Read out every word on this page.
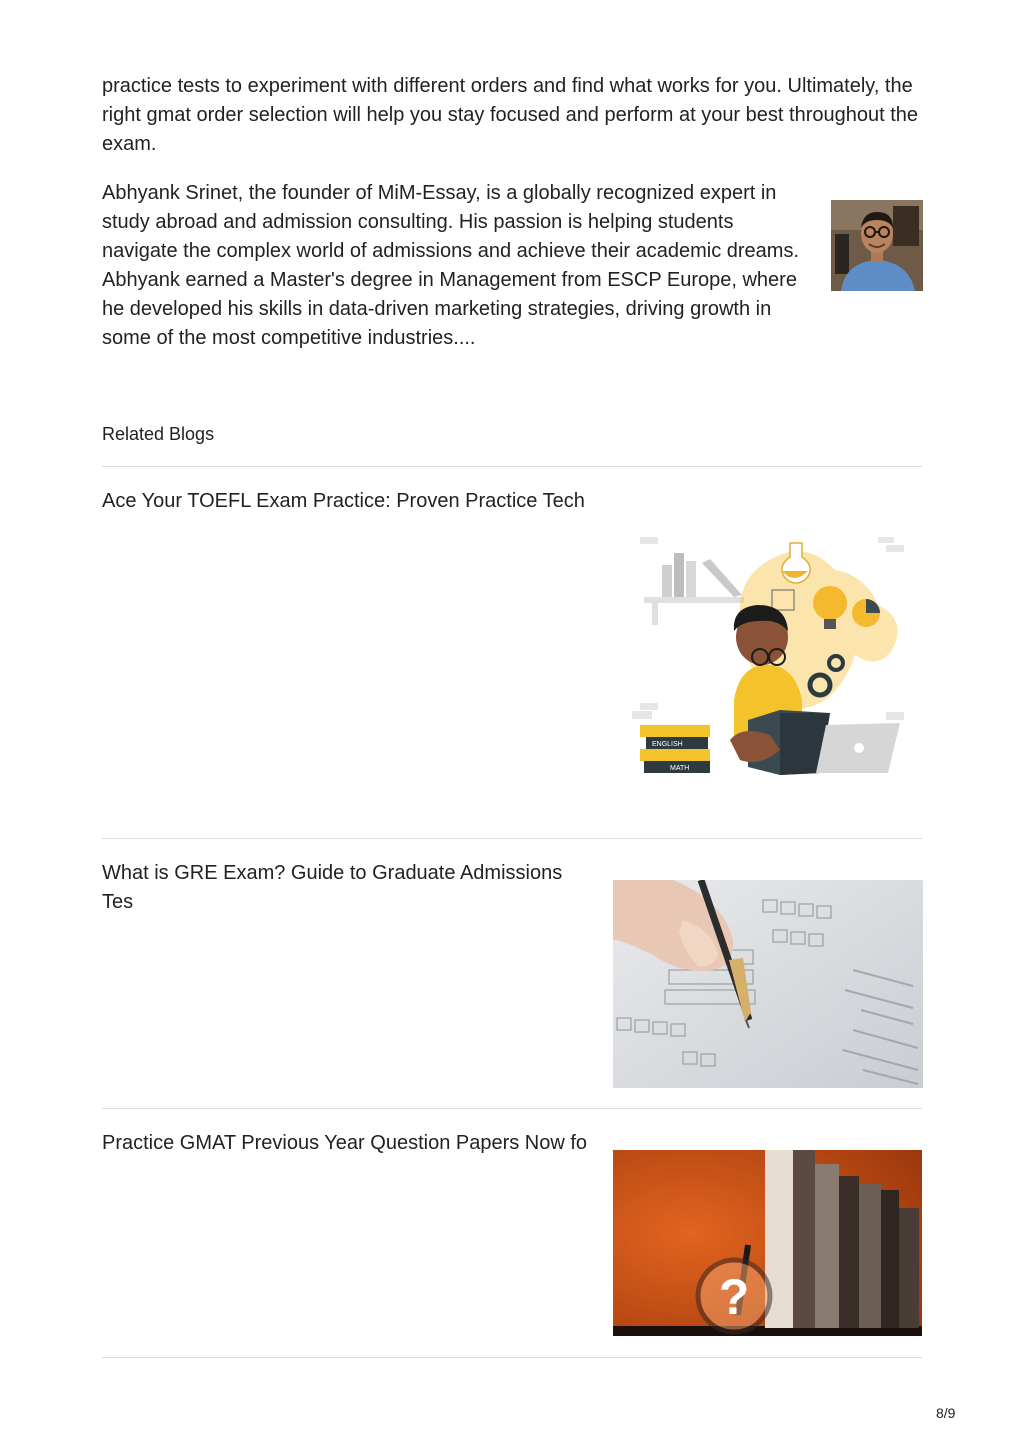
practice tests to experiment with different orders and find what works for you. Ultimately, the right gmat order selection will help you stay focused and perform at your best throughout the exam.

Abhyank Srinet, the founder of MiM-Essay, is a globally recognized expert in study abroad and admission consulting. His passion is helping students navigate the complex world of admissions and achieve their academic dreams. Abhyank earned a Master's degree in Management from ESCP Europe, where he developed his skills in data-driven marketing strategies, driving growth in some of the most competitive industries....

Related Blogs
Ace Your TOEFL Exam Practice: Proven Practice Tech
ENGLISH
MATH
What is GRE Exam? Guide to Graduate Admissions Tes
Practice GMAT Previous Year Question Papers Now fo
?
8/9
